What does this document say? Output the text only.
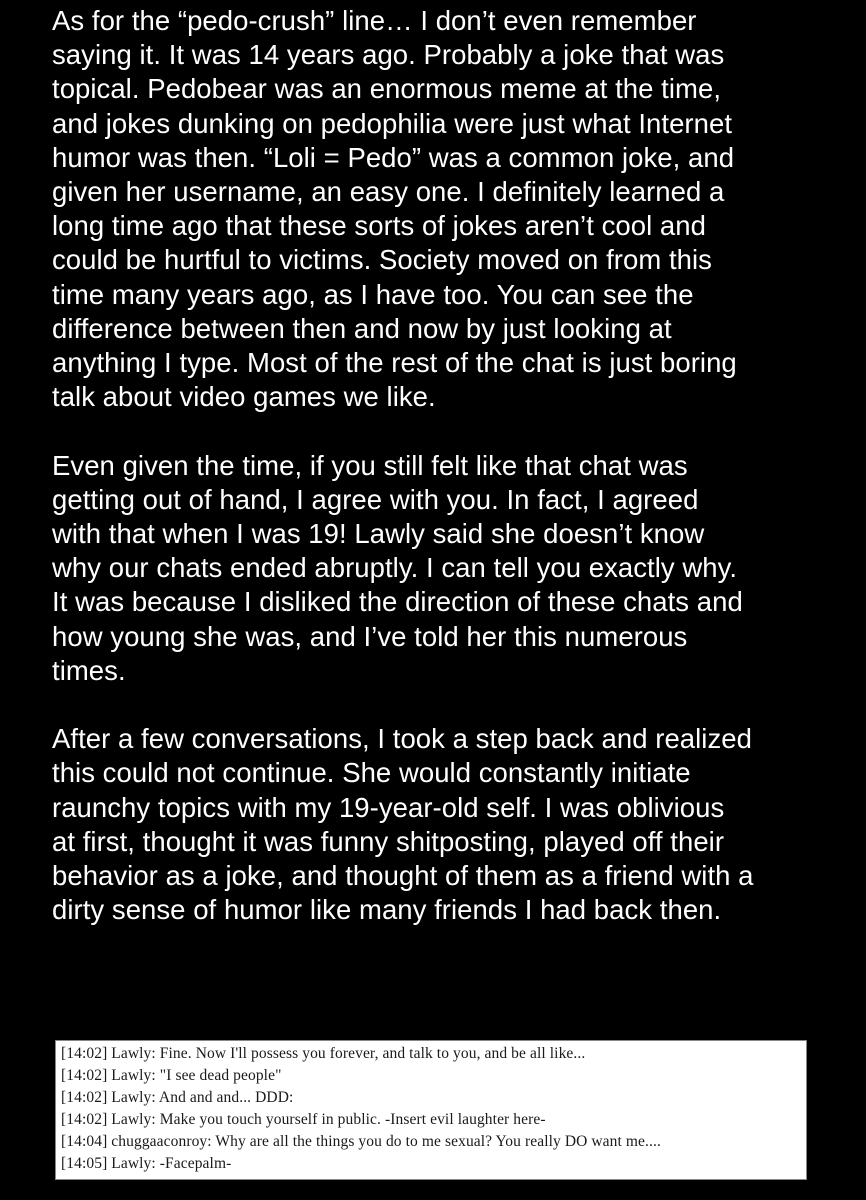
As for the “pedo-crush” line… I don’t even remember
saying it. It was 14 years ago. Probably a joke that was
topical. Pedobear was an enormous meme at the time,
and jokes dunking on pedophilia were just what Internet
humor was then. “Loli = Pedo” was a common joke, and
given her username, an easy one. I definitely learned a
long time ago that these sorts of jokes aren’t cool and
could be hurtful to victims. Society moved on from this
time many years ago, as I have too. You can see the
difference between then and now by just looking at
anything I type. Most of the rest of the chat is just boring
talk about video games we like.

Even given the time, if you still felt like that chat was
getting out of hand, I agree with you. In fact, I agreed
with that when I was 19! Lawly said she doesn’t know
why our chats ended abruptly. I can tell you exactly why.
It was because I disliked the direction of these chats and
how young she was, and I’ve told her this numerous
times.

After a few conversations, I took a step back and realized
this could not continue. She would constantly initiate
raunchy topics with my 19-year-old self. I was oblivious
at first, thought it was funny shitposting, played off their
behavior as a joke, and thought of them as a friend with a
dirty sense of humor like many friends I had back then.

[14:02] Lawly: Fine. Now I'll possess you forever, and talk to you, and be all like...
[14:02] Lawly: "I see dead people"
[14:02] Lawly: And and and... DDD:
[14:02] Lawly: Make you touch yourself in public. -Insert evil laughter here-
[14:04] chuggaaconroy: Why are all the things you do to me sexual? You really DO want me....
[14:05] Lawly: -Facepalm-
